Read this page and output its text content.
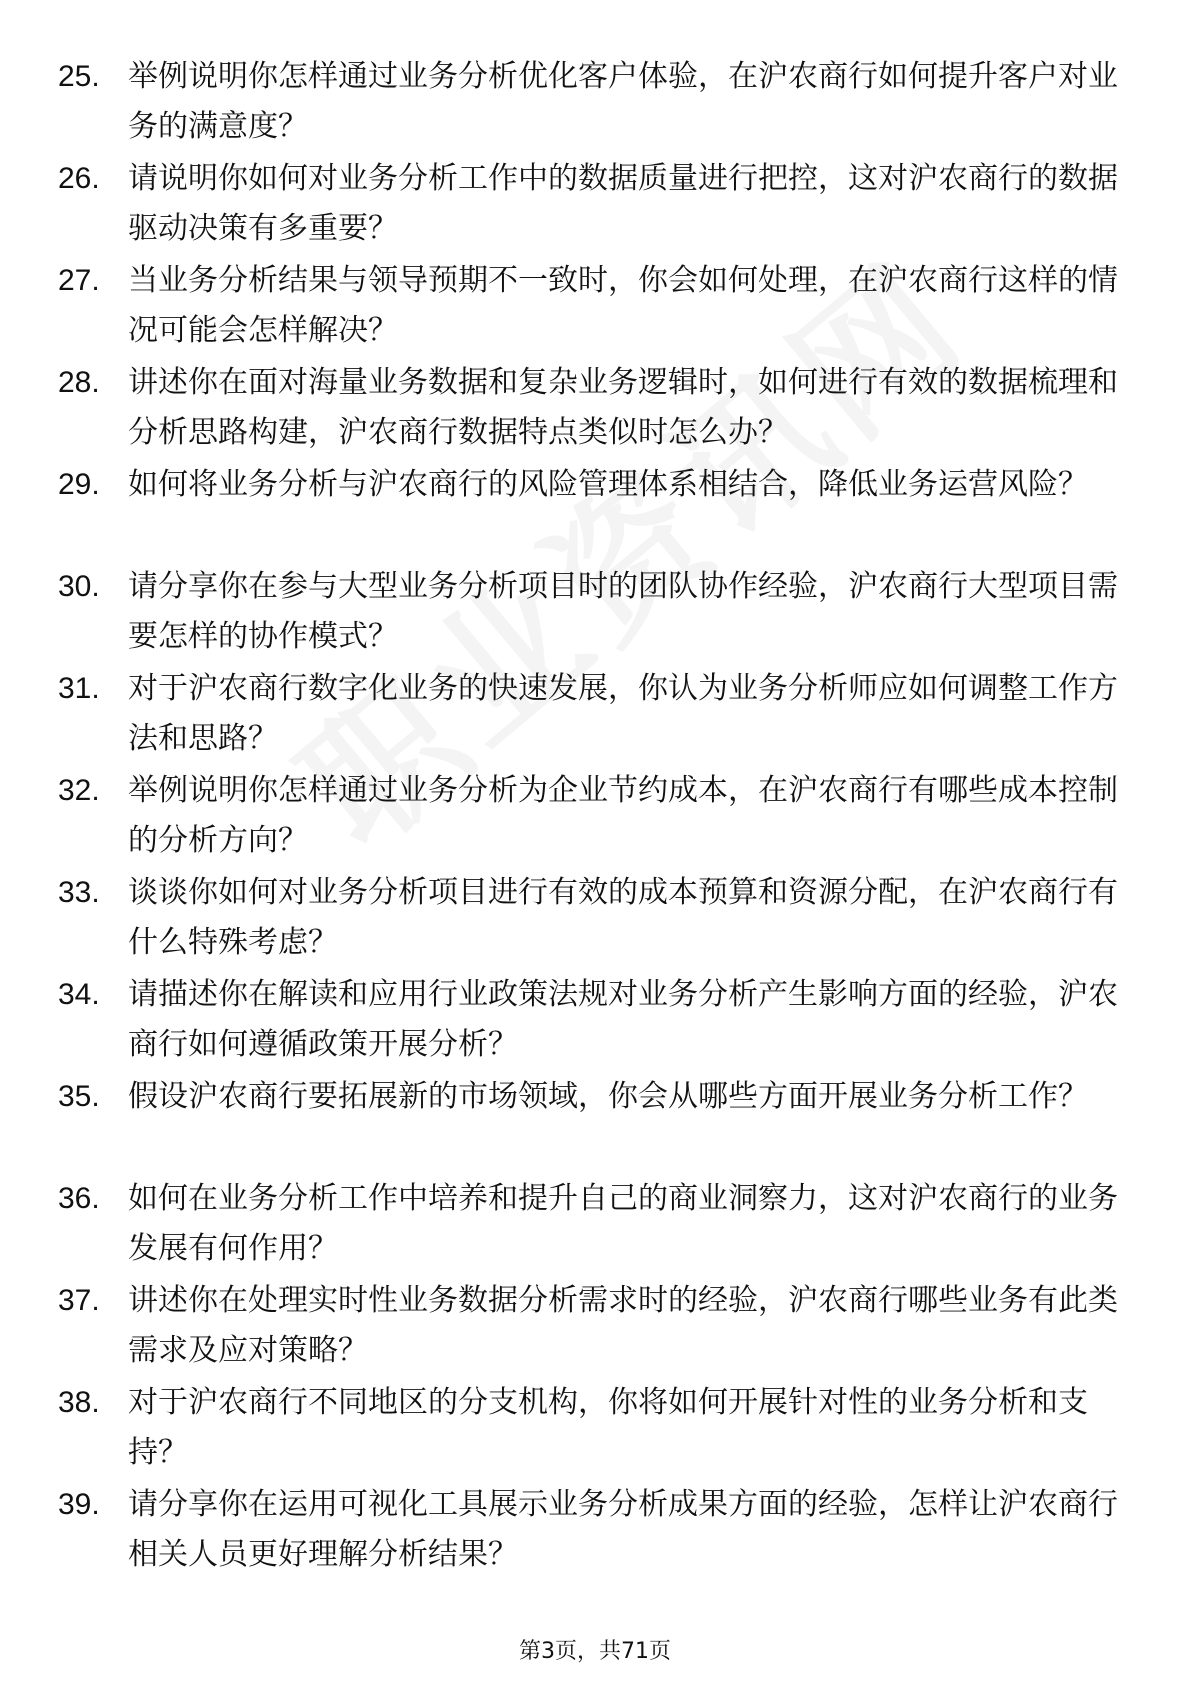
25. 举例说明你怎样通过业务分析优化客户体验，在沪农商行如何提升客户对业务的满意度？
26. 请说明你如何对业务分析工作中的数据质量进行把控，这对沪农商行的数据驱动决策有多重要？
27. 当业务分析结果与领导预期不一致时，你会如何处理，在沪农商行这样的情况可能会怎样解决？
28. 讲述你在面对海量业务数据和复杂业务逻辑时，如何进行有效的数据梳理和分析思路构建，沪农商行数据特点类似时怎么办？
29. 如何将业务分析与沪农商行的风险管理体系相结合，降低业务运营风险？
30. 请分享你在参与大型业务分析项目时的团队协作经验，沪农商行大型项目需要怎样的协作模式？
31. 对于沪农商行数字化业务的快速发展，你认为业务分析师应如何调整工作方法和思路？
32. 举例说明你怎样通过业务分析为企业节约成本，在沪农商行有哪些成本控制的分析方向？
33. 谈谈你如何对业务分析项目进行有效的成本预算和资源分配，在沪农商行有什么特殊考虑？
34. 请描述你在解读和应用行业政策法规对业务分析产生影响方面的经验，沪农商行如何遵循政策开展分析？
35. 假设沪农商行要拓展新的市场领域，你会从哪些方面开展业务分析工作？
36. 如何在业务分析工作中培养和提升自己的商业洞察力，这对沪农商行的业务发展有何作用？
37. 讲述你在处理实时性业务数据分析需求时的经验，沪农商行哪些业务有此类需求及应对策略？
38. 对于沪农商行不同地区的分支机构，你将如何开展针对性的业务分析和支持？
39. 请分享你在运用可视化工具展示业务分析成果方面的经验，怎样让沪农商行相关人员更好理解分析结果？
第3页，共71页
